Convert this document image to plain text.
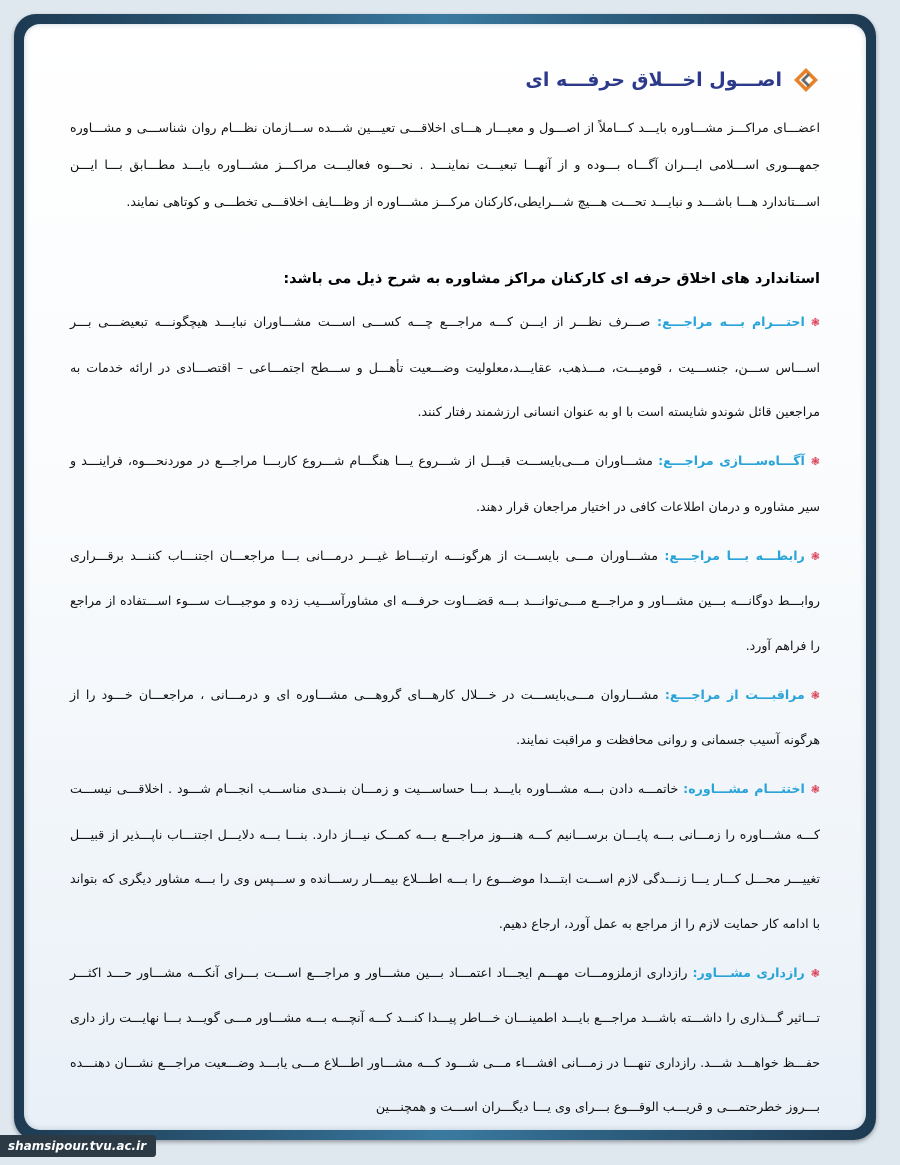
اصـــول اخـــلاق حرفـــه ای

اعضـــای مراکـــز مشـــاوره بایـــد کـــاملاً از اصـــول و معیـــار هـــای اخلاقـــی تعیـــین شـــده ســـازمان نظـــام روان شناســـی و مشـــاوره جمهـــوری اســـلامی ایـــران آگـــاه بـــوده و از آنهـــا تبعیـــت نماینـــد . نحـــوه فعالیـــت مراکـــز مشـــاوره بایـــد مطـــابق بـــا ایـــن اســـتاندارد هـــا باشـــد و نبایـــد تحـــت هـــیچ شـــرایطی،کارکنان مرکـــز مشـــاوره از وظـــایف اخلاقـــی تخطـــی و کوتاهی نمایند.

استاندارد های اخلاق حرفه ای کارکنان مراکز مشاوره به شرح ذیل می باشد:

❃احتـــرام بـــه مراجـــع: صـــرف نظـــر از ایـــن کـــه مراجـــع چـــه کســـی اســـت مشـــاوران نبایـــد هیچگونـــه تبعیضـــی بـــر اســـاس ســـن، جنســـیت ، قومیـــت، مـــذهب، عقایـــد،معلولیت وضـــعیت تأهـــل و ســـطح اجتمـــاعی – اقتصـــادی در ارائه خدمات به مراجعین قائل شوندو شایسته است با او به عنوان انسانی ارزشمند رفتار کنند.

❃آگـــاه‌ســـازی مراجـــع: مشـــاوران مـــی‌بایســـت قبـــل از شـــروع یـــا هنگـــام شـــروع کاربـــا مراجـــع در موردنحـــوه، فراینـــد و سیر مشاوره و درمان اطلاعات کافی در اختیار مراجعان قرار دهند.

❃رابطـــه بـــا مراجـــع: مشـــاوران مـــی بایســـت از هرگونـــه ارتبـــاط غیـــر درمـــانی بـــا مراجعـــان اجتنـــاب کننـــد برقـــراری روابـــط دوگانـــه بـــین مشـــاور و مراجـــع مـــی‌توانـــد بـــه قضـــاوت حرفـــه ای مشاورآســـیب زده و موجبـــات ســـوء اســـتفاده از مراجع را فراهم آورد.

❃مراقبـــت از مراجـــع: مشـــاروان مـــی‌بایســـت در خـــلال کارهـــای گروهـــی مشـــاوره ای و درمـــانی ، مراجعـــان خـــود را از هرگونه آسیب جسمانی و روانی محافظت و مراقبت نمایند.

❃اختتـــام مشـــاوره: خاتمـــه دادن بـــه مشـــاوره بایـــد بـــا حساســـیت و زمـــان بنـــدی مناســـب انجـــام شـــود . اخلاقـــی نیســـت کـــه مشـــاوره را زمـــانی بـــه پایـــان برســـانیم کـــه هنـــوز مراجـــع بـــه کمـــک نیـــاز دارد. بنـــا بـــه دلایـــل اجتنـــاب ناپـــذیر از قبیـــل تغییـــر محـــل کـــار یـــا زنـــدگی لازم اســـت ابتـــدا موضـــوع را بـــه اطـــلاع بیمـــار رســـانده و ســـپس وی را بـــه مشاور دیگری که بتواند با ادامه کار حمایت لازم را از مراجع به عمل آورد، ارجاع دهیم.

❃رازداری مشـــاور: رازداری ازملزومـــات مهـــم ایجـــاد اعتمـــاد بـــین مشـــاور و مراجـــع اســـت بـــرای آنکـــه مشـــاور حـــد اکثـــر تـــاثیر گـــذاری را داشـــته باشـــد مراجـــع بایـــد اطمینـــان خـــاطر پیـــدا کنـــد کـــه آنچـــه بـــه مشـــاور مـــی گویـــد بـــا نهایـــت راز داری حفـــظ خواهـــد شـــد. رازداری تنهـــا در زمـــانی افشـــاء مـــی شـــود کـــه مشـــاور اطـــلاع مـــی یابـــد وضـــعیت مراجـــع نشـــان دهنـــده بـــروز خطرحتمـــی و قریـــب الوقـــوع بـــرای وی یـــا دیگـــران اســـت و همچنـــین

shamsipour.tvu.ac.ir
